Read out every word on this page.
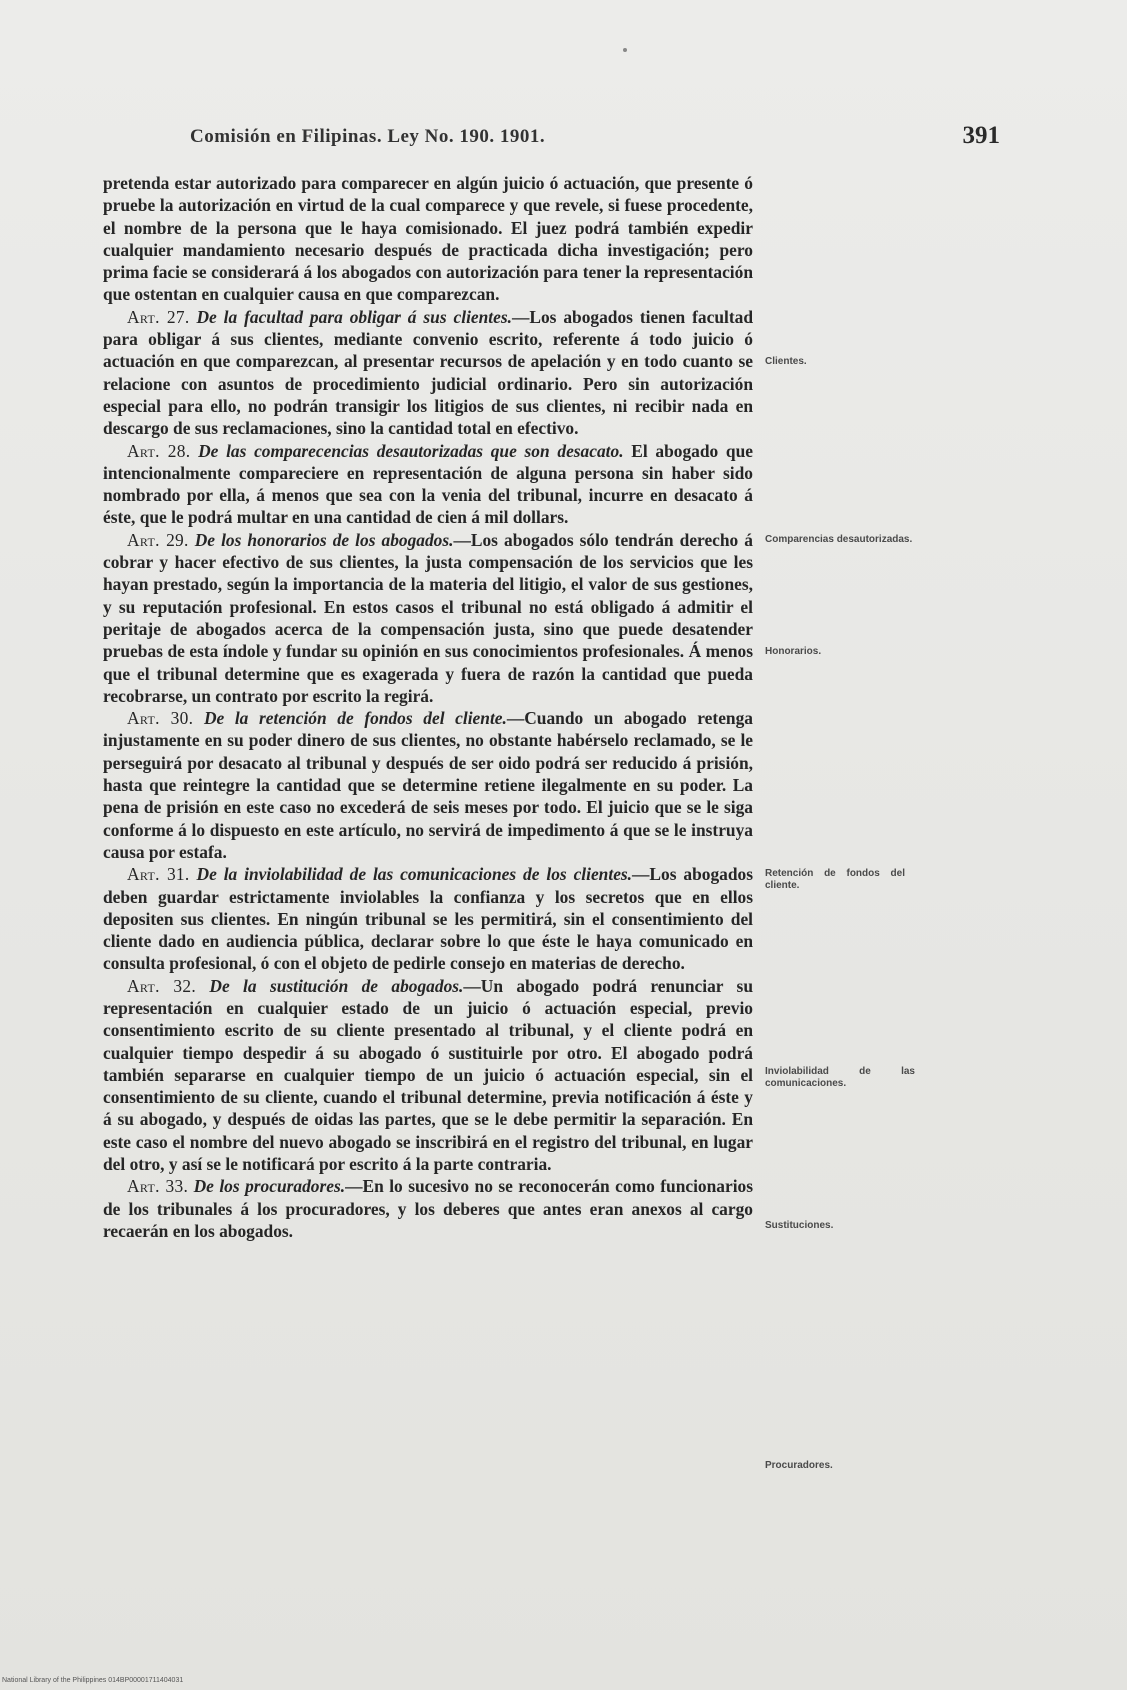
Comisión en Filipinas. Ley No. 190. 1901.	391

pretenda estar autorizado para comparecer en algún juicio ó actuación, que presente ó pruebe la autorización en virtud de la cual comparece y que revele, si fuese procedente, el nombre de la persona que le haya comisionado. El juez podrá también expedir cualquier mandamiento necesario después de practicada dicha investigación; pero prima facie se considerará á los abogados con autorización para tener la representación que ostentan en cualquier causa en que comparezcan.

Art. 27. De la facultad para obligar á sus clientes.—Los abogados tienen facultad para obligar á sus clientes, mediante convenio escrito, referente á todo juicio ó actuación en que comparezcan, al presentar recursos de apelación y en todo cuanto se relacione con asuntos de procedimiento judicial ordinario. Pero sin autorización especial para ello, no podrán transigir los litigios de sus clientes, ni recibir nada en descargo de sus reclamaciones, sino la cantidad total en efectivo.

Art. 28. De las comparecencias desautorizadas que son desacato. El abogado que intencionalmente compareciere en representación de alguna persona sin haber sido nombrado por ella, á menos que sea con la venia del tribunal, incurre en desacato á éste, que le podrá multar en una cantidad de cien á mil dollars.

Art. 29. De los honorarios de los abogados.—Los abogados sólo tendrán derecho á cobrar y hacer efectivo de sus clientes, la justa compensación de los servicios que les hayan prestado, según la importancia de la materia del litigio, el valor de sus gestiones, y su reputación profesional. En estos casos el tribunal no está obligado á admitir el peritaje de abogados acerca de la compensación justa, sino que puede desatender pruebas de esta índole y fundar su opinión en sus conocimientos profesionales. Á menos que el tribunal determine que es exagerada y fuera de razón la cantidad que pueda recobrarse, un contrato por escrito la regirá.

Art. 30. De la retención de fondos del cliente.—Cuando un abogado retenga injustamente en su poder dinero de sus clientes, no obstante habérselo reclamado, se le perseguirá por desacato al tribunal y después de ser oido podrá ser reducido á prisión, hasta que reintegre la cantidad que se determine retiene ilegalmente en su poder. La pena de prisión en este caso no excederá de seis meses por todo. El juicio que se le siga conforme á lo dispuesto en este artículo, no servirá de impedimento á que se le instruya causa por estafa.

Art. 31. De la inviolabilidad de las comunicaciones de los clientes.—Los abogados deben guardar estrictamente inviolables la confianza y los secretos que en ellos depositen sus clientes. En ningún tribunal se les permitirá, sin el consentimiento del cliente dado en audiencia pública, declarar sobre lo que éste le haya comunicado en consulta profesional, ó con el objeto de pedirle consejo en materias de derecho.

Art. 32. De la sustitución de abogados.—Un abogado podrá renunciar su representación en cualquier estado de un juicio ó actuación especial, previo consentimiento escrito de su cliente presentado al tribunal, y el cliente podrá en cualquier tiempo despedir á su abogado ó sustituirle por otro. El abogado podrá también separarse en cualquier tiempo de un juicio ó actuación especial, sin el consentimiento de su cliente, cuando el tribunal determine, previa notificación á éste y á su abogado, y después de oidas las partes, que se le debe permitir la separación. En este caso el nombre del nuevo abogado se inscribirá en el registro del tribunal, en lugar del otro, y así se le notificará por escrito á la parte contraria.

Art. 33. De los procuradores.—En lo sucesivo no se reconocerán como funcionarios de los tribunales á los procuradores, y los deberes que antes eran anexos al cargo recaerán en los abogados.

Clientes.
Comparencias desautorizadas.
Honorarios.
Retención de fondos del cliente.
Inviolabilidad de las comunicaciones.
Sustituciones.
Procuradores.
National Library of the Philippines 014BP00001711404031
